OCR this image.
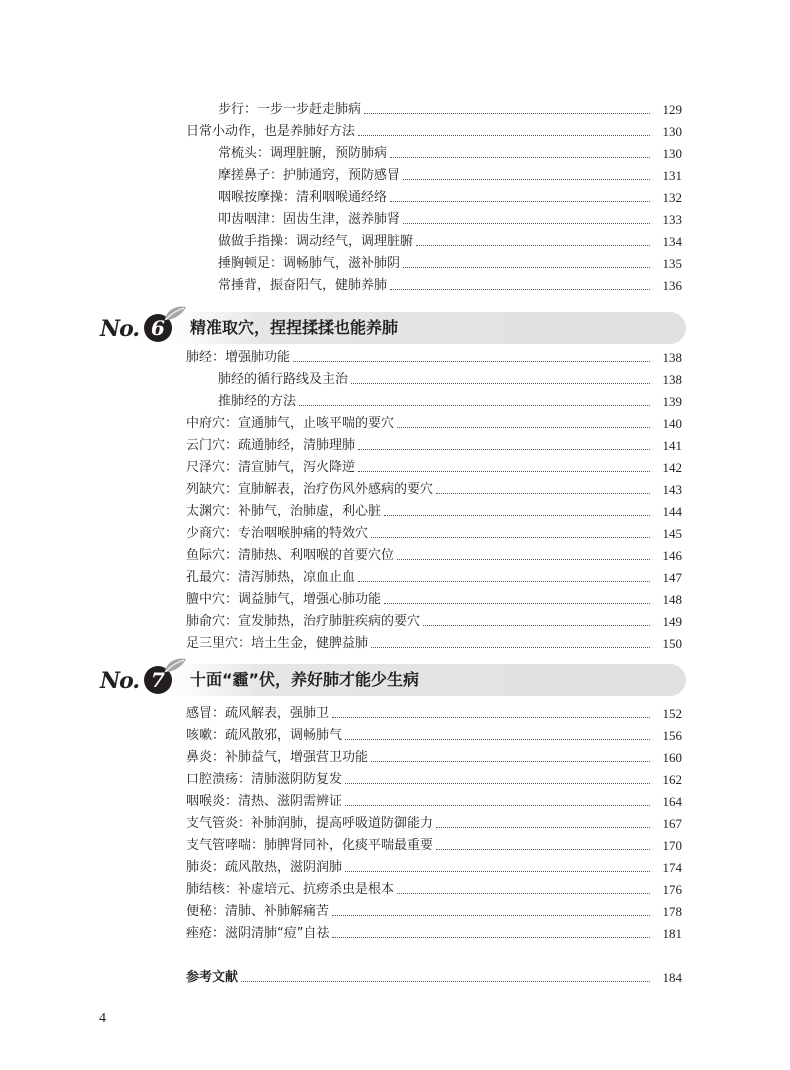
步行：一步一步赶走肺病	129
日常小动作，也是养肺好方法	130
常梳头：调理脏腑，预防肺病	130
摩搓鼻子：护肺通窍，预防感冒	131
咽喉按摩操：清利咽喉通经络	132
叩齿咽津：固齿生津，滋养肺肾	133
做做手指操：调动经气，调理脏腑	134
捶胸顿足：调畅肺气，滋补肺阴	135
常捶背，振奋阳气，健肺养肺	136
No. 6	精准取穴，捏捏揉揉也能养肺
肺经：增强肺功能	138
肺经的循行路线及主治	138
推肺经的方法	139
中府穴：宣通肺气，止咳平喘的要穴	140
云门穴：疏通肺经，清肺理肺	141
尺泽穴：清宣肺气，泻火降逆	142
列缺穴：宣肺解表，治疗伤风外感病的要穴	143
太渊穴：补肺气，治肺虚，利心脏	144
少商穴：专治咽喉肿痛的特效穴	145
鱼际穴：清肺热、利咽喉的首要穴位	146
孔最穴：清泻肺热，凉血止血	147
膻中穴：调益肺气，增强心肺功能	148
肺俞穴：宣发肺热，治疗肺脏疾病的要穴	149
足三里穴：培土生金，健脾益肺	150
No. 7	十面“霾”伏，养好肺才能少生病
感冒：疏风解表，强肺卫	152
咳嗽：疏风散邪，调畅肺气	156
鼻炎：补肺益气，增强营卫功能	160
口腔溃疡：清肺滋阴防复发	162
咽喉炎：清热、滋阴需辨证	164
支气管炎：补肺润肺，提高呼吸道防御能力	167
支气管哮喘：肺脾肾同补，化痰平喘最重要	170
肺炎：疏风散热，滋阴润肺	174
肺结核：补虚培元、抗痨杀虫是根本	176
便秘：清肺、补肺解痛苦	178
痤疮：滋阴清肺“痘”自祛	181
参考文献	184
4
